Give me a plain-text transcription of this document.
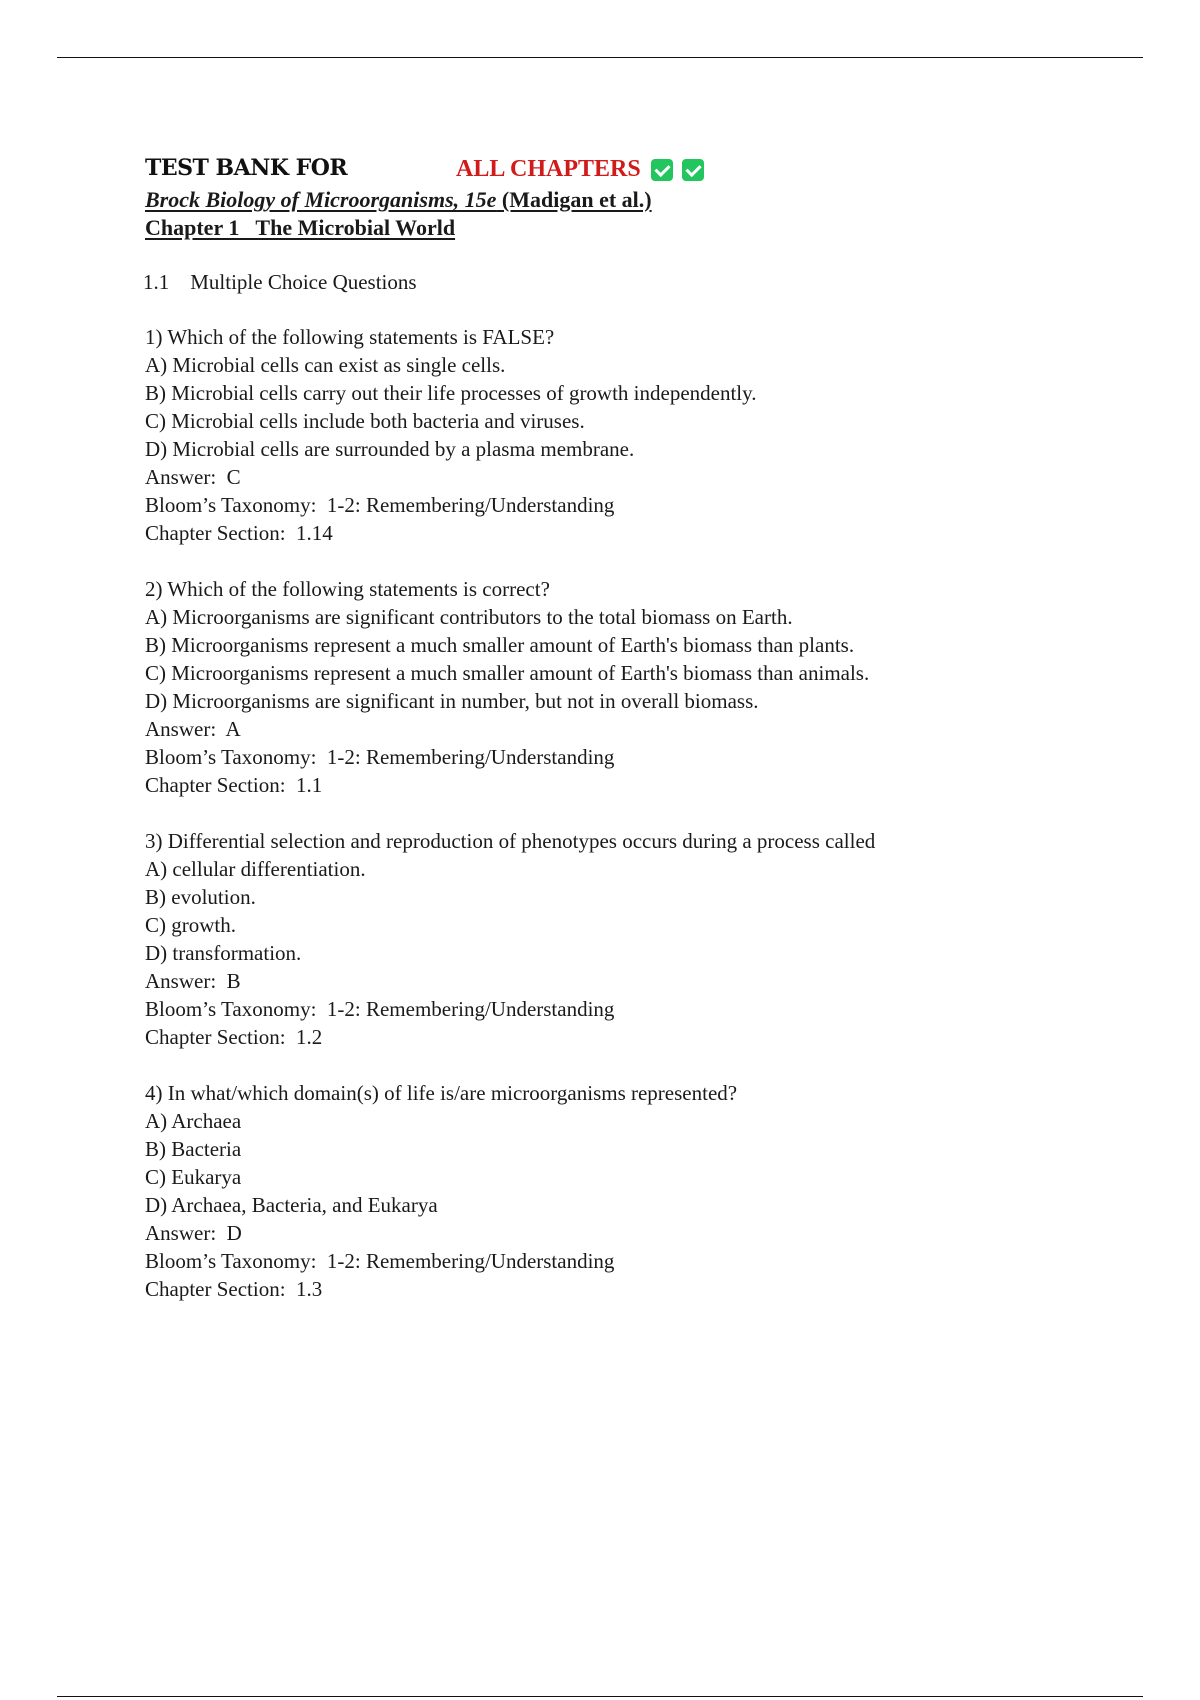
TEST BANK FOR	ALL CHAPTERS
Brock Biology of Microorganisms, 15e (Madigan et al.)
Chapter 1   The Microbial World
1.1    Multiple Choice Questions
1) Which of the following statements is FALSE?
A) Microbial cells can exist as single cells.
B) Microbial cells carry out their life processes of growth independently.
C) Microbial cells include both bacteria and viruses.
D) Microbial cells are surrounded by a plasma membrane.
Answer:  C
Bloom’s Taxonomy:  1-2: Remembering/Understanding
Chapter Section:  1.14
2) Which of the following statements is correct?
A) Microorganisms are significant contributors to the total biomass on Earth.
B) Microorganisms represent a much smaller amount of Earth's biomass than plants.
C) Microorganisms represent a much smaller amount of Earth's biomass than animals.
D) Microorganisms are significant in number, but not in overall biomass.
Answer:  A
Bloom’s Taxonomy:  1-2: Remembering/Understanding
Chapter Section:  1.1
3) Differential selection and reproduction of phenotypes occurs during a process called
A) cellular differentiation.
B) evolution.
C) growth.
D) transformation.
Answer:  B
Bloom’s Taxonomy:  1-2: Remembering/Understanding
Chapter Section:  1.2
4) In what/which domain(s) of life is/are microorganisms represented?
A) Archaea
B) Bacteria
C) Eukarya
D) Archaea, Bacteria, and Eukarya
Answer:  D
Bloom’s Taxonomy:  1-2: Remembering/Understanding
Chapter Section:  1.3
